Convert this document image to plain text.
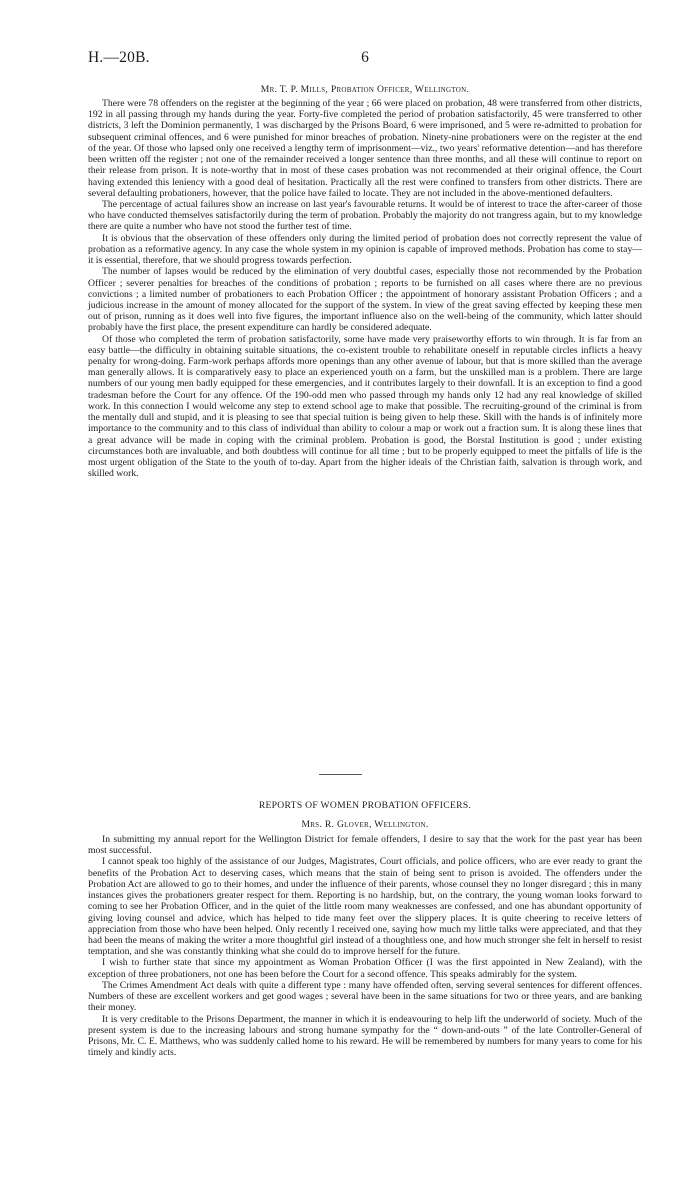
H.—20B.	6
Mr. T. P. Mills, Probation Officer, Wellington.

There were 78 offenders on the register at the beginning of the year ; 66 were placed on probation, 48 were transferred from other districts, 192 in all passing through my hands during the year. Forty-five completed the period of probation satisfactorily, 45 were transferred to other districts, 3 left the Dominion permanently, 1 was discharged by the Prisons Board, 6 were imprisoned, and 5 were re-admitted to probation for subsequent criminal offences, and 6 were punished for minor breaches of probation. Ninety-nine probationers were on the register at the end of the year. Of those who lapsed only one received a lengthy term of imprisonment—viz., two years' reformative detention—and has therefore been written off the register ; not one of the remainder received a longer sentence than three months, and all these will continue to report on their release from prison. It is note-worthy that in most of these cases probation was not recommended at their original offence, the Court having extended this leniency with a good deal of hesitation. Practically all the rest were confined to transfers from other districts. There are several defaulting probationers, however, that the police have failed to locate. They are not included in the above-mentioned defaulters.

The percentage of actual failures show an increase on last year's favourable returns. It would be of interest to trace the after-career of those who have conducted themselves satisfactorily during the term of probation. Probably the majority do not trangress again, but to my knowledge there are quite a number who have not stood the further test of time.

It is obvious that the observation of these offenders only during the limited period of probation does not correctly represent the value of probation as a reformative agency. In any case the whole system in my opinion is capable of improved methods. Probation has come to stay—it is essential, therefore, that we should progress towards perfection.

The number of lapses would be reduced by the elimination of very doubtful cases, especially those not recommended by the Probation Officer ; severer penalties for breaches of the conditions of probation ; reports to be furnished on all cases where there are no previous convictions ; a limited number of probationers to each Probation Officer ; the appointment of honorary assistant Probation Officers ; and a judicious increase in the amount of money allocated for the support of the system. In view of the great saving effected by keeping these men out of prison, running as it does well into five figures, the important influence also on the well-being of the community, which latter should probably have the first place, the present expenditure can hardly be considered adequate.

Of those who completed the term of probation satisfactorily, some have made very praiseworthy efforts to win through. It is far from an easy battle—the difficulty in obtaining suitable situations, the co-existent trouble to rehabilitate oneself in reputable circles inflicts a heavy penalty for wrong-doing. Farm-work perhaps affords more openings than any other avenue of labour, but that is more skilled than the average man generally allows. It is comparatively easy to place an experienced youth on a farm, but the unskilled man is a problem. There are large numbers of our young men badly equipped for these emergencies, and it contributes largely to their downfall. It is an exception to find a good tradesman before the Court for any offence. Of the 190-odd men who passed through my hands only 12 had any real knowledge of skilled work. In this connection I would welcome any step to extend school age to make that possible. The recruiting-ground of the criminal is from the mentally dull and stupid, and it is pleasing to see that special tuition is being given to help these. Skill with the hands is of infinitely more importance to the community and to this class of individual than ability to colour a map or work out a fraction sum. It is along these lines that a great advance will be made in coping with the criminal problem. Probation is good, the Borstal Institution is good ; under existing circumstances both are invaluable, and both doubtless will continue for all time ; but to be properly equipped to meet the pitfalls of life is the most urgent obligation of the State to the youth of to-day. Apart from the higher ideals of the Christian faith, salvation is through work, and skilled work.

REPORTS OF WOMEN PROBATION OFFICERS.
Mrs. R. Glover, Wellington.

In submitting my annual report for the Wellington District for female offenders, I desire to say that the work for the past year has been most successful.

I cannot speak too highly of the assistance of our Judges, Magistrates, Court officials, and police officers, who are ever ready to grant the benefits of the Probation Act to deserving cases, which means that the stain of being sent to prison is avoided. The offenders under the Probation Act are allowed to go to their homes, and under the influence of their parents, whose counsel they no longer disregard ; this in many instances gives the probationers greater respect for them. Reporting is no hardship, but, on the contrary, the young woman looks forward to coming to see her Probation Officer, and in the quiet of the little room many weaknesses are confessed, and one has abundant opportunity of giving loving counsel and advice, which has helped to tide many feet over the slippery places. It is quite cheering to receive letters of appreciation from those who have been helped. Only recently I received one, saying how much my little talks were appreciated, and that they had been the means of making the writer a more thoughtful girl instead of a thoughtless one, and how much stronger she felt in herself to resist temptation, and she was constantly thinking what she could do to improve herself for the future.

I wish to further state that since my appointment as Woman Probation Officer (I was the first appointed in New Zealand), with the exception of three probationers, not one has been before the Court for a second offence. This speaks admirably for the system.

The Crimes Amendment Act deals with quite a different type : many have offended often, serving several sentences for different offences. Numbers of these are excellent workers and get good wages ; several have been in the same situations for two or three years, and are banking their money.

It is very creditable to the Prisons Department, the manner in which it is endeavouring to help lift the underworld of society. Much of the present system is due to the increasing labours and strong humane sympathy for the “ down-and-outs ” of the late Controller-General of Prisons, Mr. C. E. Matthews, who was suddenly called home to his reward. He will be remembered by numbers for many years to come for his timely and kindly acts.
